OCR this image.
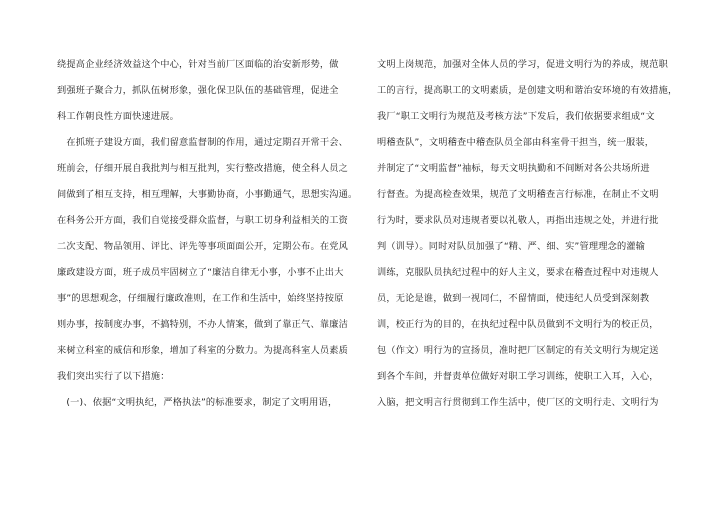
绕提高企业经济效益这个中心，针对当前厂区面临的治安新形势，做
到强班子聚合力，抓队伍树形象，强化保卫队伍的基础管理，促进全
科工作朝良性方面快速进展。
　在抓班子建设方面，我们留意监督制的作用，通过定期召开常干会、
班前会，仔细开展自我批判与相互批判，实行整改措施，使全科人员之
间做到了相互支持，相互理解，大事勤协商，小事勤通气，思想实沟通。
在科务公开方面，我们自觉接受群众监督，与职工切身利益相关的工资
二次支配、物品领用、评比、评先等事项面面公开，定期公布。在党风
廉政建设方面，班子成员牢固树立了“廉洁自律无小事，小事不止出大
事”的思想观念，仔细履行廉政准则，在工作和生活中，始终坚持按原
则办事，按制度办事，不搞特别，不办人情案，做到了靠正气、靠廉洁
来树立科室的威信和形象，增加了科室的分数力。为提高科室人员素质
我们突出实行了以下措施：
　(一)、依据“文明执纪，严格执法”的标准要求，制定了文明用语，
文明上岗规范，加强对全体人员的学习，促进文明行为的养成，规范职
工的言行，提高职工的文明素质，是创建文明和谐治安环境的有效措施，
我厂“职工文明行为规范及考核方法”下发后，我们依据要求组成“文
明稽查队”，文明稽查中稽查队员全部由科室骨干担当，统一服装，
并制定了“文明监督”袖标，每天文明执勤和不间断对各公共场所进
行督查。为提高检查效果，规范了文明稽查言行标准，在制止不文明
行为时，要求队员对违规者要以礼敬人，再指出违规之处，并进行批
判（训导）。同时对队员加强了“精、严、细、实”管理理念的灌输
训练，克服队员执纪过程中的好人主义，要求在稽查过程中对违规人
员，无论是谁，做到一视同仁，不留情面，使违纪人员受到深刻教
训，校正行为的目的，在执纪过程中队员做到不文明行为的校正员，
包（作文）明行为的宣扬员，准时把厂区制定的有关文明行为规定送
到各个车间，并督责单位做好对职工学习训练，使职工入耳，入心，
入脑，把文明言行贯彻到工作生活中，使厂区的文明行走、文明行为
